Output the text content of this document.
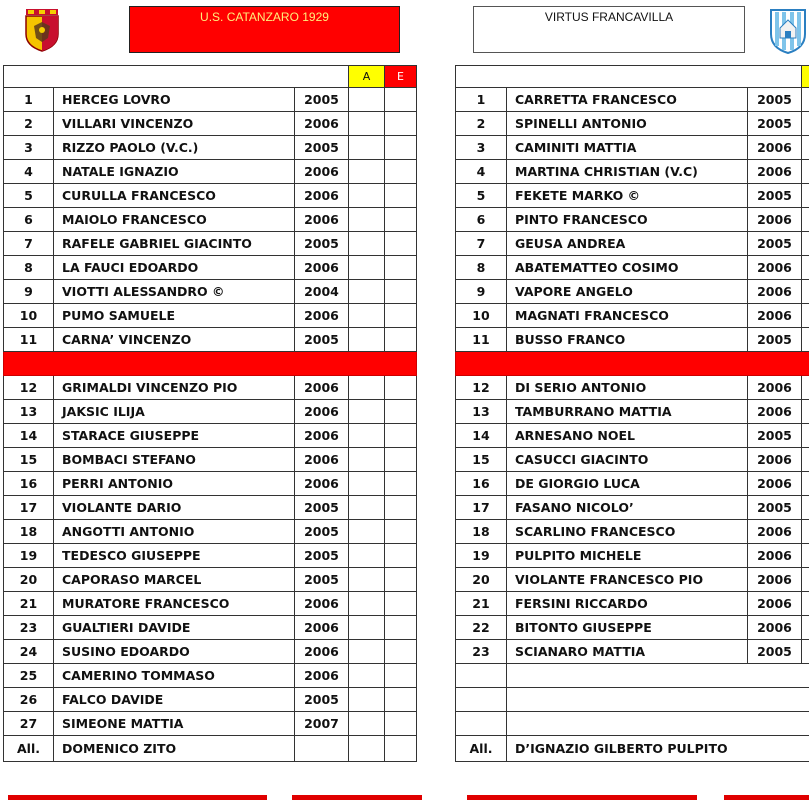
U.S. CATANZARO 1929	VIRTUS FRANCAVILLA
			A	E
1	HERCEG LOVRO	2005		
2	VILLARI VINCENZO	2006		
3	RIZZO PAOLO (V.C.)	2005		
4	NATALE IGNAZIO	2006		
5	CURULLA FRANCESCO	2006		
6	MAIOLO FRANCESCO	2006		
7	RAFELE GABRIEL GIACINTO	2005		
8	LA FAUCI EDOARDO	2006		
9	VIOTTI ALESSANDRO ©	2004		
10	PUMO SAMUELE	2006		
11	CARNA’ VINCENZO	2005		

12	GRIMALDI VINCENZO PIO	2006		
13	JAKSIC ILIJA	2006		
14	STARACE GIUSEPPE	2006		
15	BOMBACI STEFANO	2006		
16	PERRI ANTONIO	2006		
17	VIOLANTE DARIO	2005		
18	ANGOTTI ANTONIO	2005		
19	TEDESCO GIUSEPPE	2005		
20	CAPORASO MARCEL	2005		
21	MURATORE FRANCESCO	2006		
23	GUALTIERI DAVIDE	2006		
24	SUSINO EDOARDO	2006		
25	CAMERINO TOMMASO	2006		
26	FALCO DAVIDE	2005		
27	SIMEONE MATTIA	2007		
All.	DOMENICO ZITO			

1	CARRETTA FRANCESCO	2005	
2	SPINELLI ANTONIO	2005	
3	CAMINITI MATTIA	2006	
4	MARTINA CHRISTIAN (V.C)	2006	
5	FEKETE MARKO ©	2005	
6	PINTO FRANCESCO	2006	
7	GEUSA ANDREA	2005	
8	ABATEMATTEO COSIMO	2006	
9	VAPORE ANGELO	2006	
10	MAGNATI FRANCESCO	2006	
11	BUSSO FRANCO	2005	

12	DI SERIO ANTONIO	2006	
13	TAMBURRANO MATTIA	2006	
14	ARNESANO NOEL	2005	
15	CASUCCI GIACINTO	2006	
16	DE GIORGIO LUCA	2006	
17	FASANO NICOLO’	2005	
18	SCARLINO FRANCESCO	2006	
19	PULPITO MICHELE	2006	
20	VIOLANTE FRANCESCO PIO	2006	
21	FERSINI RICCARDO	2006	
22	BITONTO GIUSEPPE	2006	
23	SCIANARO MATTIA	2005	

All.	D’IGNAZIO GILBERTO PULPITO		
